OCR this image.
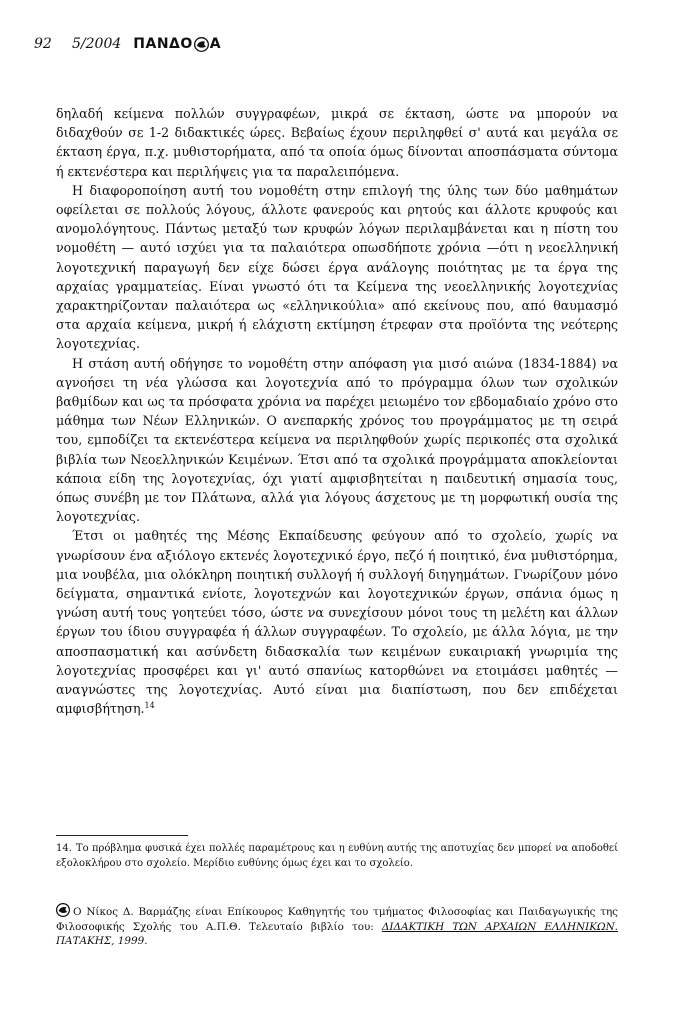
92	5/2004 ΠΑΝΔΟ Α

δηλαδή κείμενα πολλών συγγραφέων, μικρά σε έκταση, ώστε να μπορούν να διδαχθούν σε 1-2 διδακτικές ώρες. Βεβαίως έχουν περιληφθεί σ' αυτά και μεγάλα σε έκταση έργα, π.χ. μυθιστορήματα, από τα οποία όμως δίνονται αποσπάσματα σύντομα ή εκτενέστερα και περιλήψεις για τα παραλειπόμενα.

Η διαφοροποίηση αυτή του νομοθέτη στην επιλογή της ύλης των δύο μαθημάτων οφείλεται σε πολλούς λόγους, άλλοτε φανερούς και ρητούς και άλλοτε κρυφούς και ανομολόγητους. Πάντως μεταξύ των κρυφών λόγων περιλαμβάνεται και η πίστη του νομοθέτη — αυτό ισχύει για τα παλαιότερα οπωσδήποτε χρόνια —ότι η νεοελληνική λογοτεχνική παραγωγή δεν είχε δώσει έργα ανάλογης ποιότητας με τα έργα της αρχαίας γραμματείας. Είναι γνωστό ότι τα Κείμενα της νεοελληνικής λογοτεχνίας χαρακτηρίζονταν παλαιότερα ως «ελληνικούλια» από εκείνους που, από θαυμασμό στα αρχαία κείμενα, μικρή ή ελάχιστη εκτίμηση έτρεφαν στα προϊόντα της νεότερης λογοτεχνίας.

Η στάση αυτή οδήγησε το νομοθέτη στην απόφαση για μισό αιώνα (1834-1884) να αγνοήσει τη νέα γλώσσα και λογοτεχνία από το πρόγραμμα όλων των σχολικών βαθμίδων και ως τα πρόσφατα χρόνια να παρέχει μειωμένο τον εβδομαδιαίο χρόνο στο μάθημα των Νέων Ελληνικών. Ο ανεπαρκής χρόνος του προγράμματος με τη σειρά του, εμποδίζει τα εκτενέστερα κείμενα να περιληφθούν χωρίς περικοπές στα σχολικά βιβλία των Νεοελληνικών Κειμένων. Έτσι από τα σχολικά προγράμματα αποκλείονται κάποια είδη της λογοτεχνίας, όχι γιατί αμφισβητείται η παιδευτική σημασία τους, όπως συνέβη με τον Πλάτωνα, αλλά για λόγους άσχετους με τη μορφωτική ουσία της λογοτεχνίας.

Έτσι οι μαθητές της Μέσης Εκπαίδευσης φεύγουν από το σχολείο, χωρίς να γνωρίσουν ένα αξιόλογο εκτενές λογοτεχνικό έργο, πεζό ή ποιητικό, ένα μυθιστόρημα, μια νουβέλα, μια ολόκληρη ποιητική συλλογή ή συλλογή διηγημάτων. Γνωρίζουν μόνο δείγματα, σημαντικά ενίοτε, λογοτεχνών και λογοτεχνικών έργων, σπάνια όμως η γνώση αυτή τους γοητεύει τόσο, ώστε να συνεχίσουν μόνοι τους τη μελέτη και άλλων έργων του ίδιου συγγραφέα ή άλλων συγγραφέων. Το σχολείο, με άλλα λόγια, με την αποσπασματική και ασύνδετη διδασκαλία των κειμένων ευκαιριακή γνωριμία της λογοτεχνίας προσφέρει και γι' αυτό σπανίως κατορθώνει να ετοιμάσει μαθητές — αναγνώστες της λογοτεχνίας. Αυτό είναι μια διαπίστωση, που δεν επιδέχεται αμφισβήτηση.$^{14}$

14. Το πρόβλημα φυσικά έχει πολλές παραμέτρους και η ευθύνη αυτής της αποτυχίας δεν μπορεί να αποδοθεί εξολοκλήρου στο σχολείο. Μερίδιο ευθύνης όμως έχει και το σχολείο.
Ο Νίκος Δ. Βαρμάζης είναι Επίκουρος Καθηγητής του τμήματος Φιλοσοφίας και Παιδαγωγικής της Φιλοσοφικής Σχολής του Α.Π.Θ. Τελευταίο βιβλίο του: ΔΙΔΑΚΤΙΚΗ ΤΩΝ ΑΡΧΑΙΩΝ ΕΛΛΗΝΙΚΩΝ. ΠΑΤΑΚΗΣ, 1999.
